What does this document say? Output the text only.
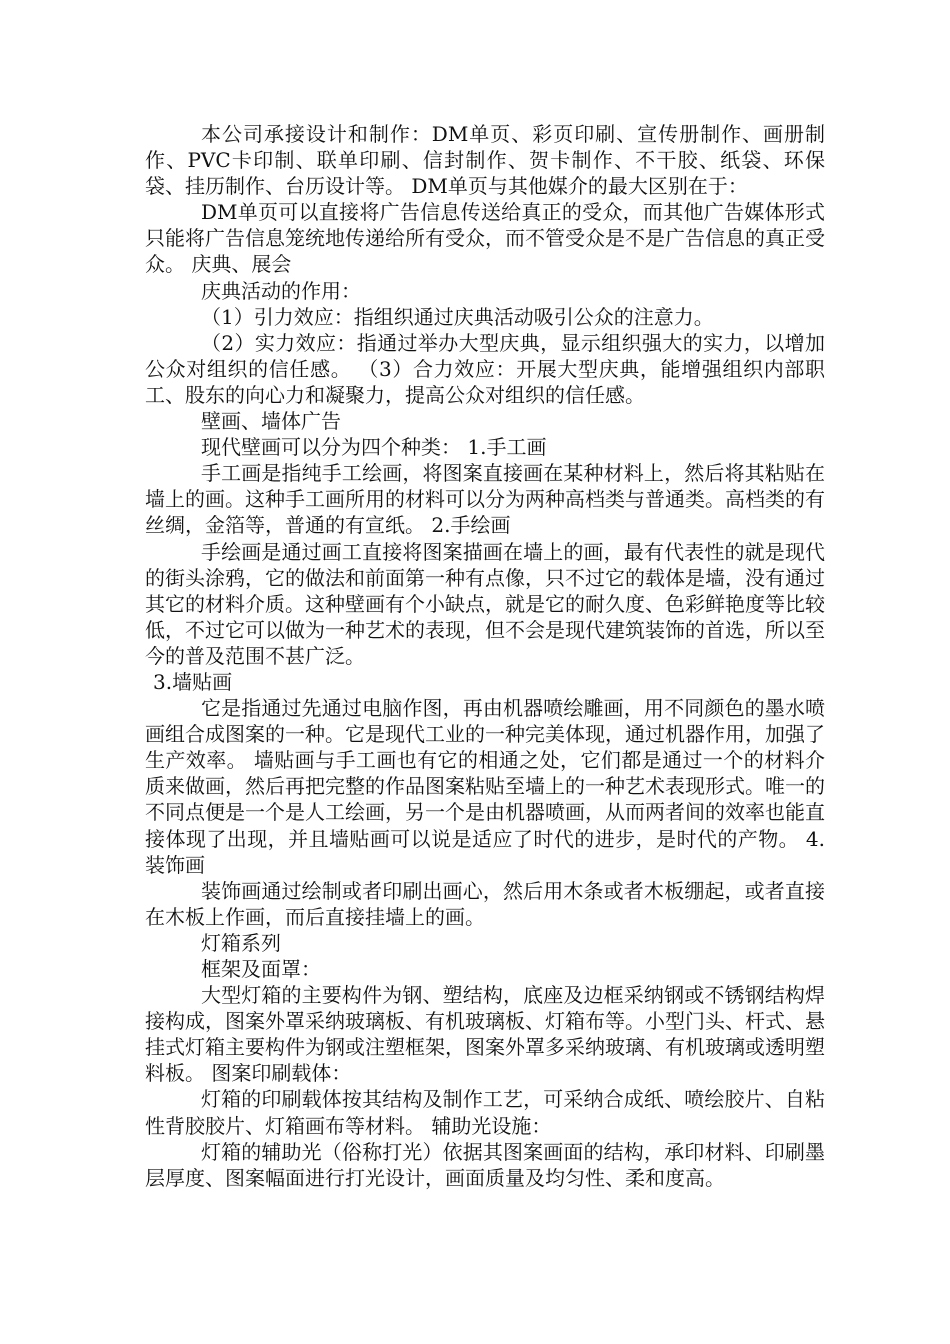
本公司承接设计和制作：DM单页、彩页印刷、宣传册制作、画册制作、PVC卡印制、联单印刷、信封制作、贺卡制作、不干胶、纸袋、环保袋、挂历制作、台历设计等。 DM单页与其他媒介的最大区别在于：

DM单页可以直接将广告信息传送给真正的受众，而其他广告媒体形式只能将广告信息笼统地传递给所有受众，而不管受众是不是广告信息的真正受众。 庆典、展会

庆典活动的作用：

（1）引力效应：指组织通过庆典活动吸引公众的注意力。

（2）实力效应：指通过举办大型庆典，显示组织强大的实力，以增加公众对组织的信任感。 （3）合力效应：开展大型庆典，能增强组织内部职工、股东的向心力和凝聚力，提高公众对组织的信任感。

壁画、墙体广告

现代壁画可以分为四个种类： 1.手工画

手工画是指纯手工绘画，将图案直接画在某种材料上，然后将其粘贴在墙上的画。这种手工画所用的材料可以分为两种高档类与普通类。高档类的有丝绸，金箔等，普通的有宣纸。 2.手绘画

手绘画是通过画工直接将图案描画在墙上的画，最有代表性的就是现代的街头涂鸦，它的做法和前面第一种有点像，只不过它的载体是墙，没有通过其它的材料介质。这种壁画有个小缺点，就是它的耐久度、色彩鲜艳度等比较低，不过它可以做为一种艺术的表现，但不会是现代建筑装饰的首选，所以至今的普及范围不甚广泛。

3.墙贴画

它是指通过先通过电脑作图，再由机器喷绘雕画，用不同颜色的墨水喷画组合成图案的一种。它是现代工业的一种完美体现，通过机器作用，加强了生产效率。 墙贴画与手工画也有它的相通之处，它们都是通过一个的材料介质来做画，然后再把完整的作品图案粘贴至墙上的一种艺术表现形式。唯一的不同点便是一个是人工绘画，另一个是由机器喷画，从而两者间的效率也能直接体现了出现，并且墙贴画可以说是适应了时代的进步，是时代的产物。 4.装饰画

装饰画通过绘制或者印刷出画心，然后用木条或者木板绷起，或者直接在木板上作画，而后直接挂墙上的画。

灯箱系列

框架及面罩：

大型灯箱的主要构件为钢、塑结构，底座及边框采纳钢或不锈钢结构焊接构成，图案外罩采纳玻璃板、有机玻璃板、灯箱布等。小型门头、杆式、悬挂式灯箱主要构件为钢或注塑框架，图案外罩多采纳玻璃、有机玻璃或透明塑料板。 图案印刷载体：

灯箱的印刷载体按其结构及制作工艺，可采纳合成纸、喷绘胶片、自粘性背胶胶片、灯箱画布等材料。 辅助光设施：

灯箱的辅助光（俗称打光）依据其图案画面的结构，承印材料、印刷墨层厚度、图案幅面进行打光设计，画面质量及均匀性、柔和度高。
